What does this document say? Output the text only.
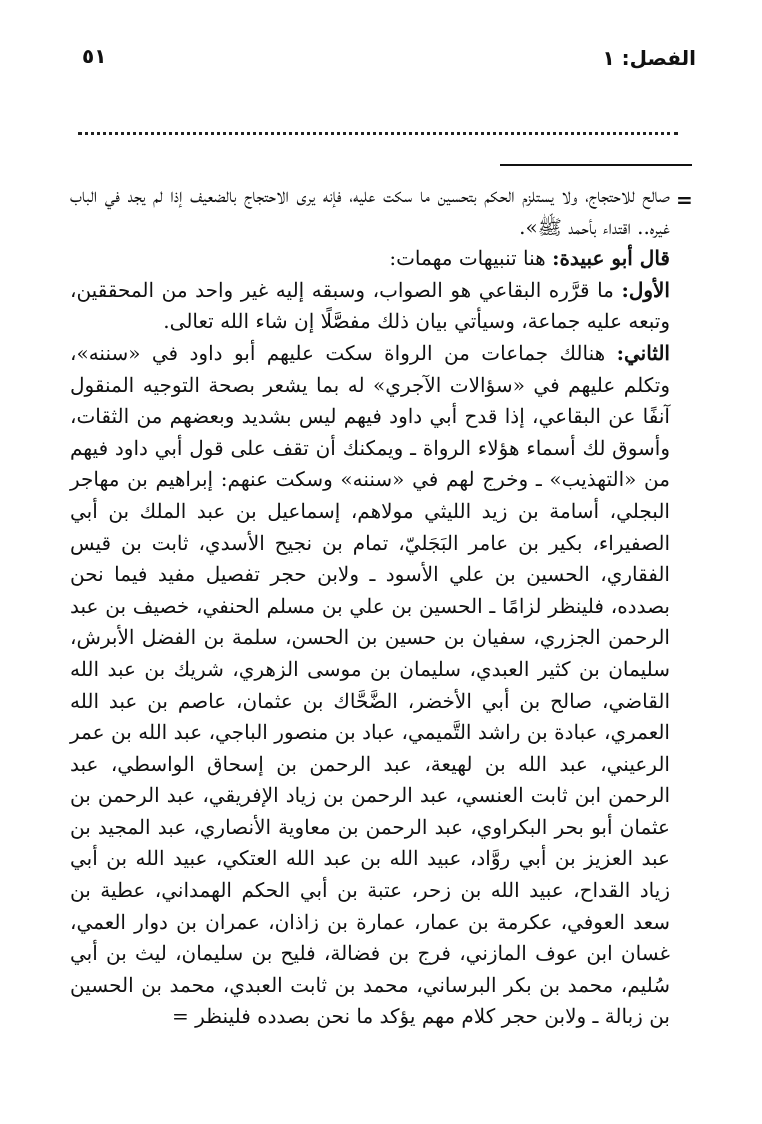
الفصل: ١
٥١
=

صالح للاحتجاج، ولا يستلزم الحكم بتحسين ما سكت عليه، فإنه يرى الاحتجاج بالضعيف إذا لم يجد في الباب غيره.. اقتداء بأحمد ﷺ».

قال أبو عبيدة: هنا تنبيهات مهمات:

الأول: ما قرَّره البقاعي هو الصواب، وسبقه إليه غير واحد من المحققين، وتبعه عليه جماعة، وسيأتي بيان ذلك مفصَّلًا إن شاء الله تعالى.

الثاني: هنالك جماعات من الرواة سكت عليهم أبو داود في «سننه»، وتكلم عليهم في «سؤالات الآجري» له بما يشعر بصحة التوجيه المنقول آنفًا عن البقاعي، إذا قدح أبي داود فيهم ليس بشديد وبعضهم من الثقات، وأسوق لك أسماء هؤلاء الرواة ـ ويمكنك أن تقف على قول أبي داود فيهم من «التهذيب» ـ وخرج لهم في «سننه» وسكت عنهم: إبراهيم بن مهاجر البجلي، أسامة بن زيد الليثي مولاهم، إسماعيل بن عبد الملك بن أبي الصفيراء، بكير بن عامر البَجَليّ، تمام بن نجيح الأسدي، ثابت بن قيس الفقاري، الحسين بن علي الأسود ـ ولابن حجر تفصيل مفيد فيما نحن بصدده، فلينظر لزامًا ـ الحسين بن علي بن مسلم الحنفي، خصيف بن عبد الرحمن الجزري، سفيان بن حسين بن الحسن، سلمة بن الفضل الأبرش، سليمان بن كثير العبدي، سليمان بن موسى الزهري، شريك بن عبد الله القاضي، صالح بن أبي الأخضر، الضَّحَّاك بن عثمان، عاصم بن عبد الله العمري، عبادة بن راشد التَّميمي، عباد بن منصور الباجي، عبد الله بن عمر الرعيني، عبد الله بن لهيعة، عبد الرحمن بن إسحاق الواسطي، عبد الرحمن ابن ثابت العنسي، عبد الرحمن بن زياد الإفريقي، عبد الرحمن بن عثمان أبو بحر البكراوي، عبد الرحمن بن معاوية الأنصاري، عبد المجيد بن عبد العزيز بن أبي روَّاد، عبيد الله بن عبد الله العتكي، عبيد الله بن أبي زياد القداح، عبيد الله بن زحر، عتبة بن أبي الحكم الهمداني، عطية بن سعد العوفي، عكرمة بن عمار، عمارة بن زاذان، عمران بن دوار العمي، غسان ابن عوف المازني، فرج بن فضالة، فليح بن سليمان، ليث بن أبي سُليم، محمد بن بكر البرساني، محمد بن ثابت العبدي، محمد بن الحسين بن زبالة ـ ولابن حجر كلام مهم يؤكد ما نحن بصدده فلينظر =
